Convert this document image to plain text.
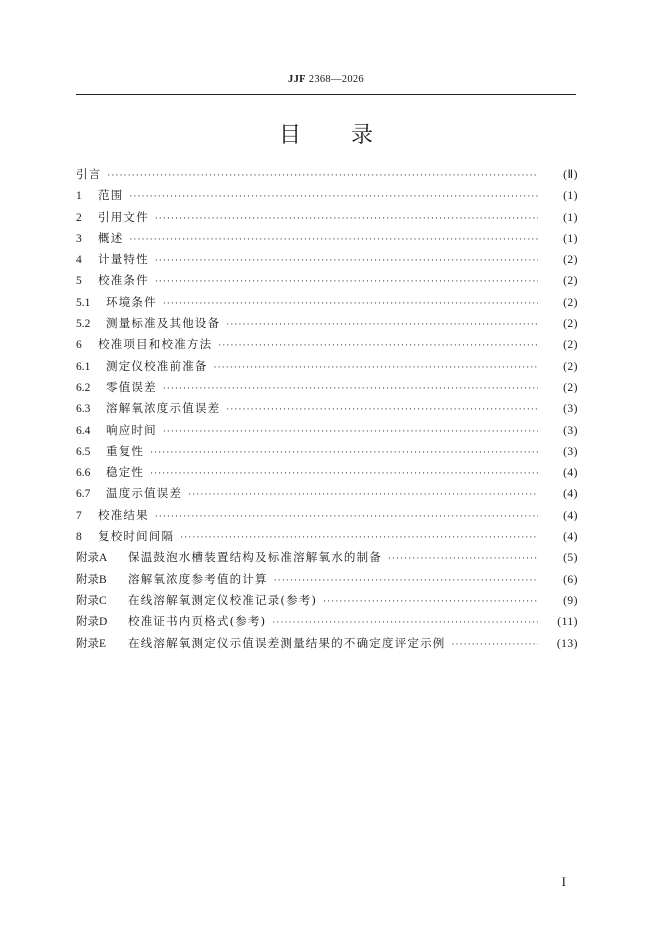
JJF 2368—2026
目 录
引言 ·····	(Ⅱ)
1	范围 ·····	(1)
2	引用文件 ·····	(1)
3	概述 ·····	(1)
4	计量特性 ·····	(2)
5	校准条件 ·····	(2)
5.1	环境条件 ·····	(2)
5.2	测量标准及其他设备 ·····	(2)
6	校准项目和校准方法 ·····	(2)
6.1	测定仪校准前准备 ·····	(2)
6.2	零值误差 ·····	(2)
6.3	溶解氧浓度示值误差 ·····	(3)
6.4	响应时间 ·····	(3)
6.5	重复性 ·····	(3)
6.6	稳定性 ·····	(4)
6.7	温度示值误差 ·····	(4)
7	校准结果 ·····	(4)
8	复校时间间隔 ·····	(4)
附录A	保温鼓泡水槽装置结构及标准溶解氧水的制备 ·····	(5)
附录B	溶解氧浓度参考值的计算 ·····	(6)
附录C	在线溶解氧测定仪校准记录(参考) ·····	(9)
附录D	校准证书内页格式(参考) ·····	(11)
附录E	在线溶解氧测定仪示值误差测量结果的不确定度评定示例 ·····	(13)
I
